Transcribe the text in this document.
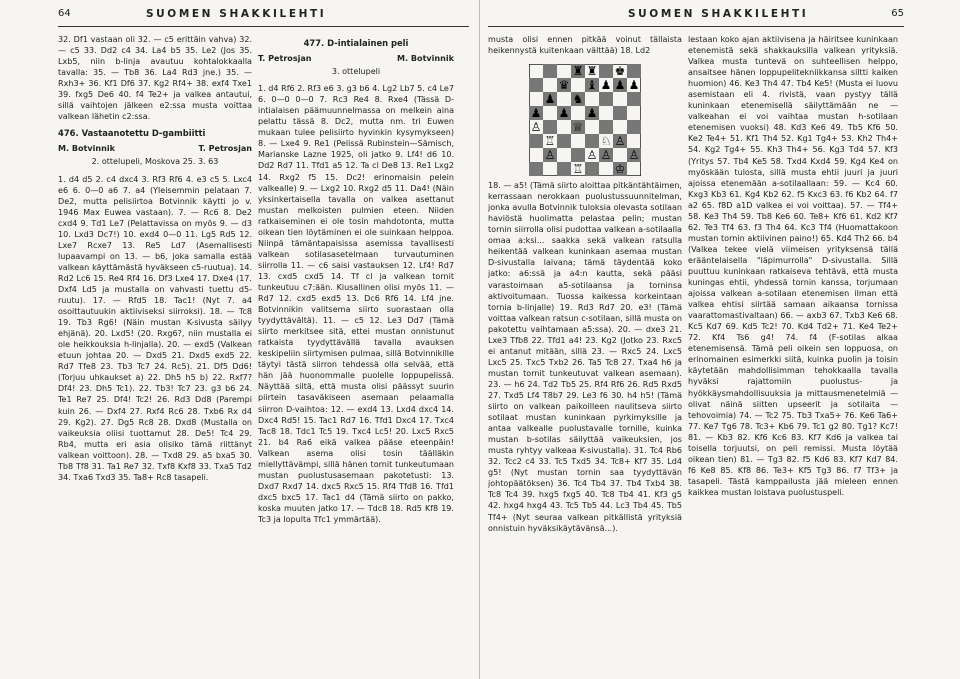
64	SUOMEN SHAKKILEHTI

32. Df1 vastaan oli 32. — c5 erittäin vahva) 32. — c5 33. Dd2 c4 34. La4 b5 35. Le2 (Jos 35. Lxb5, niin b-linja avautuu kohtalokkaalla tavalla: 35. — Tb8 36. La4 Rd3 jne.) 35. — Rxh3+ 36. Kf1 Df6 37. Kg2 Rf4+ 38. exf4 Txe1 39. fxg5 De6 40. f4 Te2+ ja valkea antautui, sillä vaihtojen jälkeen e2:ssa musta voittaa valkean lähetin c2:ssa.

476. Vastaanotettu D-gambiitti
M. Botvinnik	T. Petrosjan
2. ottelupeli, Moskova 25. 3. 63

1. d4 d5 2. c4 dxc4 3. Rf3 Rf6 4. e3 c5 5. Lxc4 e6 6. 0—0 a6 7. a4 (Yleisemmin pelataan 7. De2, mutta pelisiirtoa Botvinnik käytti jo v. 1946 Max Euwea vastaan). 7. — Rc6 8. De2 cxd4 9. Td1 Le7 (Pelattavissa on myös 9. — d3 10. Lxd3 Dc7!) 10. exd4 0—0 11. Lg5 Rd5 12. Lxe7 Rcxe7 13. Re5 Ld7 (Asemallisesti lupaavampi on 13. — b6, joka samalla estää valkean käyttämästä hyväkseen c5-ruutua). 14. Rd2 Lc6 15. Re4 Rf4 16. Df3 Lxe4 17. Dxe4 (17. Dxf4 Ld5 ja mustalla on vahvasti tuettu d5-ruutu). 17. — Rfd5 18. Tac1! (Nyt 7. a4 osoittautuukin aktiiviseksi siirroksi). 18. — Tc8 19. Tb3 Rg6! (Näin mustan K-sivusta säilyy ehjänä). 20. Lxd5! (20. Rxg6?, niin mustalla ei ole heikkouksia h-linjalla). 20. — exd5 (Valkean etuun johtaa 20. — Dxd5 21. Dxd5 exd5 22. Rd7 Tfe8 23. Tb3 Tc7 24. Rc5). 21. Df5 Dd6! (Torjuu uhkaukset a) 22. Dh5 h5 b) 22. Rxf7? Df4! 23. Dh5 Tc1). 22. Tb3! Tc7 23. g3 b6 24. Te1 Re7 25. Df4! Tc2! 26. Rd3 Dd8 (Parempi kuin 26. — Dxf4 27. Rxf4 Rc6 28. Txb6 Rx d4 29. Kg2). 27. Dg5 Rc8 28. Dxd8 (Mustalla on vaikeuksia oliisi tuottamut 28. De5! Tc4 29. Rb4, mutta eri asia olisiko tämä riittänyt valkean voittoon). 28. — Txd8 29. a5 bxa5 30. Tb8 Tf8 31. Ta1 Re7 32. Txf8 Kxf8 33. Txa5 Td2 34. Txa6 Txd3 35. Ta8+ Rc8 tasapeli.

477. D-intialainen peli
T. Petrosjan	M. Botvinnik
3. ottelupeli

1. d4 Rf6 2. Rf3 e6 3. g3 b6 4. Lg2 Lb7 5. c4 Le7 6. 0—0 0—0 7. Rc3 Re4 8. Rxe4 (Tässä D-intialaisen päämuunnelmassa on melkein aina pelattu tässä 8. Dc2, mutta nm. tri Euwen mukaan tulee pelisiirto hyvinkin kysymykseen) 8. — Lxe4 9. Re1 (Pelissä Rubinstein—Sämisch, Marianske Lazne 1925, oli jatko 9. Lf4! d6 10. Dd2 Rd7 11. Tfd1 a5 12. Ta cl De8 13. Re1 Lxg2 14. Rxg2 f5 15. Dc2! erinomaisin pelein valkealle) 9. — Lxg2 10. Rxg2 d5 11. Da4! (Näin yksinkertaisella tavalla on valkea asettanut mustan melkoisten pulmien eteen. Niiden ratkaiseminen ei ole tosin mahdotonta, mutta oikean tien löytäminen ei ole suinkaan helppoa. Niinpä tämäntapaisissa asemissa tavallisesti valkean sotilasasetelmaan turvautuminen siirrolla 11. — c6 saisi vastauksen 12. Lf4! Rd7 13. cxd5 cxd5 14. Tf cl ja valkean tornit tunkeutuu c7:ään. Kiusallinen olisi myös 11. — Rd7 12. cxd5 exd5 13. Dc6 Rf6 14. Lf4 jne. Botvinnikin valitsema siirto suorastaan olla tyydyttävältä). 11. — c5 12. Le3 Dd7 (Tämä siirto merkitsee sitä, ettei mustan onnistunut ratkaista tyydyttävällä tavalla avauksen keskipeliin siirtymisen pulmaa, sillä Botvinnikille täytyi tästä siirron tehdessä olla selvää, että hän jää huonommalle puolelle loppupelissä. Näyttää siltä, että musta olisi päässyt suurin piirtein tasaväkiseen asemaan pelaamalla siirron D-vaihtoa: 12. — exd4 13. Lxd4 dxc4 14. Dxc4 Rd5! 15. Tac1 Rd7 16. Tfd1 Dxc4 17. Txc4 Tac8 18. Tdc1 Tc5 19. Txc4 Lc5! 20. Lxc5 Rxc5 21. b4 Ra6 eikä valkea pääse eteenpäin! Valkean asema olisi tosin täälläkin miellyttävämpi, sillä hänen tornit tunkeutumaan mustan puolustusasemaan pakotetusti: 13. Dxd7 Rxd7 14. dxc5 Rxc5 15. Rf4 Tfd8 16. Tfd1 dxc5 bxc5 17. Tac1 d4 (Tämä siirto on pakko, koska muuten jatko 17. — Tdc8 18. Rd5 Kf8 19. Tc3 ja lopulta Tfc1 ymmärtää).

SUOMEN SHAKKILEHTI	65

musta olisi ennen pitkää voinut tällaista heikennystä kuitenkaan välttää) 18. Ld2

♜ ♜ ♚
♛ ♝ ♟ ♟ ♟
♟ ♞
♟ ♟ ♟
♕
♙
♖	♘ ♙
♙	♙ ♙ ♙
♖	♔

18. — a5! (Tämä siirto aloittaa pitkäntähtäimen, kerrassaan nerokkaan puolustussuunnitelman, jonka avulla Botvinnik tuloksia olevasta sotilaan haviöstä huolimatta pelastaa pelin; mustan tornin siirrolla olisi pudottaa valkean a-sotilaalla omaa a:ksi... saakka sekä valkean ratsulla heikentää valkean kuninkaan asemaa mustan D-sivustalla laivana; tämä täydentää koko jatko: a6:ssä ja a4:n kautta, sekä pääsi varastoimaan a5-sotilaansa ja torninsa aktivoitumaan. Tuossa kaikessa korkeintaan tornia b-linjalle) 19. Rd3 Rd7 20. e3! (Tämä voittaa valkean ratsun c-sotilaan, sillä musta on pakotettu vaihtamaan a5:ssa). 20. — dxe3 21. Lxe3 Tfb8 22. Tfd1 a4! 23. Kg2 (Jotko 23. Rxc5 ei antanut mitään, sillä 23. — Rxc5 24. Lxc5 Lxc5 25. Txc5 Txb2 26. Ta5 Tc8 27. Txa4 h6 ja mustan tornit tunkeutuvat valkean asemaan). 23. — h6 24. Td2 Tb5 25. Rf4 Rf6 26. Rd5 Rxd5 27. Txd5 Lf4 T8b7 29. Le3 f6 30. h4 h5! (Tämä siirto on valkean paikoilleen naulitseva siirto sotilaat mustan kuninkaan pyrkimyksille ja antaa valkealle puolustavalle tornille, kuinka mustan b-sotilas säilyttää vaikeuksien, jos musta ryhtyy valkeaa K-sivustalla). 31. Tc4 Rb6 32. Tcc2 c4 33. Tc5 Txd5 34. Tc8+ Kf7 35. Ld4 g5! (Nyt mustan tornin saa tyydyttävän johtopäätöksen) 36. Tc4 Tb4 37. Tb4 Txb4 38. Tc8 Tc4 39. hxg5 fxg5 40. Tc8 Tb4 41. Kf3 g5 42. hxg4 hxg4 43. Tc5 Tb5 44. Lc3 Tb4 45. Tb5 Tf4+ (Nyt seuraa valkean pitkällistä yrityksiä onnistuin hyväksikäytävänsä...).

lestaan koko ajan aktiivisena ja häiritsee kuninkaan etenemistä sekä shakkauksilla valkean yrityksiä. Valkea musta tuntevä on suhteellisen helppo, ansaitsee hänen loppupelitekniikkansa siltti kaiken huomion) 46. Ke3 Th4 47. Tb4 Ke5! (Musta ei luovu asemistaan eli 4. rivistä, vaan pystyy tällä kuninkaan etenemisellä säilyttämään ne — valkeahan ei voi vaihtaa mustan h-sotilaan etenemisen vuoksi) 48. Kd3 Ke6 49. Tb5 Kf6 50. Ke2 Te4+ 51. Kf1 Th4 52. Kg1 Tg4+ 53. Kh2 Th4+ 54. Kg2 Tg4+ 55. Kh3 Th4+ 56. Kg3 Td4 57. Kf3 (Yritys 57. Tb4 Ke5 58. Txd4 Kxd4 59. Kg4 Ke4 on myöskään tulosta, sillä musta ehtii juuri ja juuri ajoissa etenemään a-sotilaallaan: 59. — Kc4 60. Kxg3 Kb3 61. Kg4 Kb2 62. f5 Kxc3 63. f6 Kb2 64. f7 a2 65. f8D a1D valkea ei voi voittaa). 57. — Tf4+ 58. Ke3 Th4 59. Tb8 Ke6 60. Te8+ Kf6 61. Kd2 Kf7 62. Te3 Tf4 63. f3 Th4 64. Kc3 Tf4 (Huomattakoon mustan tornin aktiivinen paino!) 65. Kd4 Th2 66. b4 (Valkea tekee vielä viimeisen yrityksensä tällä erääntelaisella "läpimurrolla" D-sivustalla. Sillä puuttuu kuninkaan ratkaiseva tehtävä, että musta kuningas ehtii, yhdessä tornin kanssa, torjumaan ajoissa valkean a-sotilaan etenemisen ilman että valkea ehtisi siirtää samaan aikaansa tornissa vaarattomastivaltaan) 66. — axb3 67. Txb3 Ke6 68. Kc5 Kd7 69. Kd5 Tc2! 70. Kd4 Td2+ 71. Ke4 Te2+ 72. Kf4 Ts6 g4! 74. f4 (F-sotilas alkaa etenemisensä. Tämä peli oikein sen loppuosa, on erinomainen esimerkki siitä, kuinka puolin ja toisin käytetään mahdollisimman tehokkaalla tavalla hyväksi rajattomiin puolustus- ja hyökkäysmahdollisuuksia ja mittausmenetelmiä — olivat näinä siitten upseerit ja sotilaita — tehovoimia) 74. — Tc2 75. Tb3 Txa5+ 76. Ke6 Ta6+ 77. Ke7 Tg6 78. Tc3+ Kb6 79. Tc1 g2 80. Tg1? Kc7! 81. — Kb3 82. Kf6 Kc6 83. Kf7 Kd6 ja valkea tai toisella torjuutsi, on peli remissi. Musta löytää oikean tien) 81. — Tg3 82. f5 Kd6 83. Kf7 Kd7 84. f6 Ke8 85. Kf8 86. Te3+ Kf5 Tg3 86. f7 Tf3+ ja tasapeli. Tästä kamppailusta jää mieleen ennen kaikkea mustan loistava puolustuspeli.
